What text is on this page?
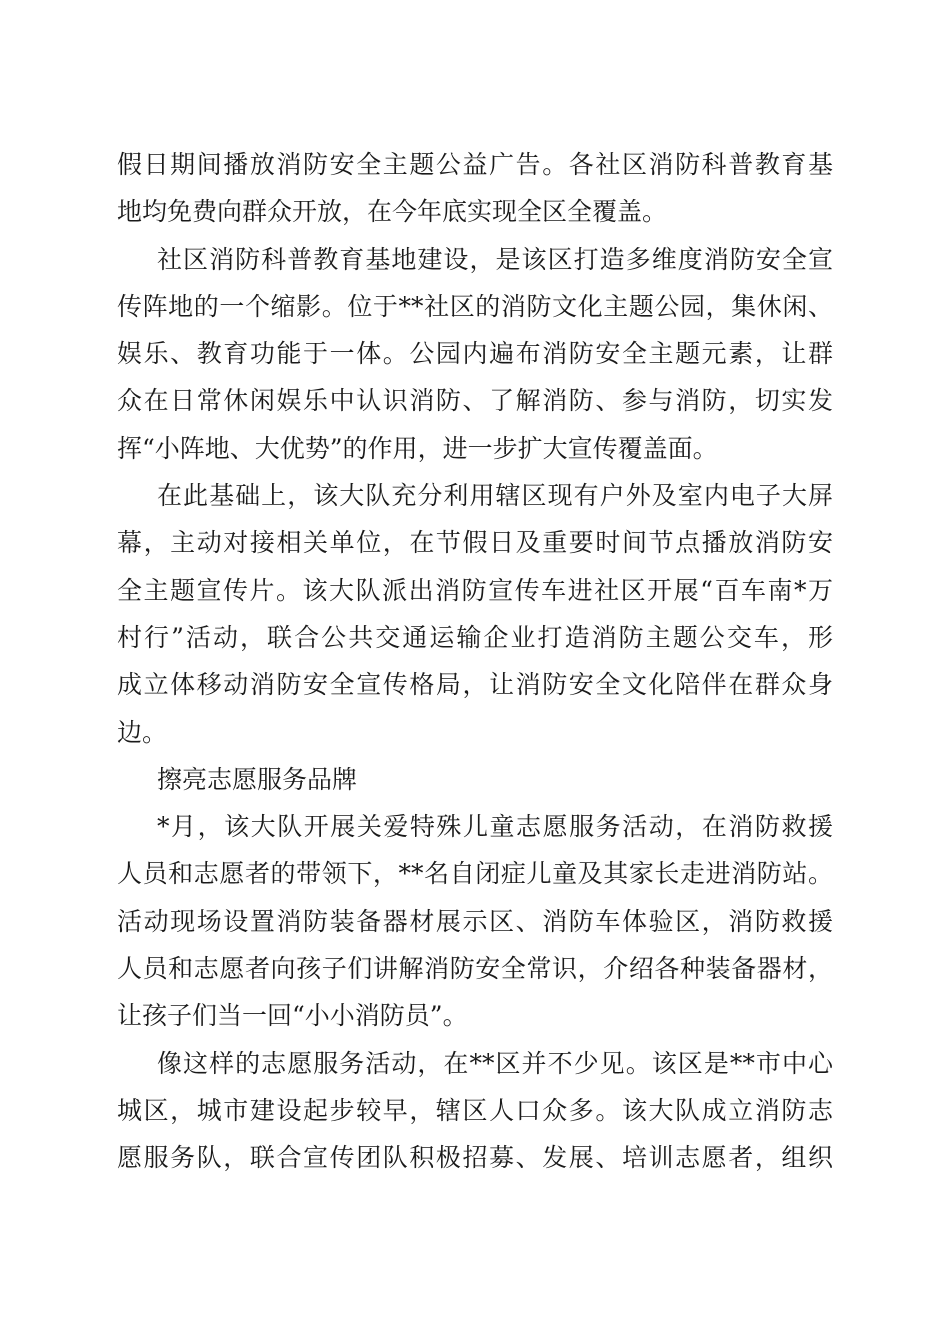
假日期间播放消防安全主题公益广告。各社区消防科普教育基
地均免费向群众开放，在今年底实现全区全覆盖。
社区消防科普教育基地建设，是该区打造多维度消防安全宣
传阵地的一个缩影。位于**社区的消防文化主题公园，集休闲、
娱乐、教育功能于一体。公园内遍布消防安全主题元素，让群
众在日常休闲娱乐中认识消防、了解消防、参与消防，切实发
挥“小阵地、大优势”的作用，进一步扩大宣传覆盖面。
在此基础上，该大队充分利用辖区现有户外及室内电子大屏
幕，主动对接相关单位，在节假日及重要时间节点播放消防安
全主题宣传片。该大队派出消防宣传车进社区开展“百车南*万
村行”活动，联合公共交通运输企业打造消防主题公交车，形
成立体移动消防安全宣传格局，让消防安全文化陪伴在群众身
边。
擦亮志愿服务品牌
*月，该大队开展关爱特殊儿童志愿服务活动，在消防救援
人员和志愿者的带领下，**名自闭症儿童及其家长走进消防站。
活动现场设置消防装备器材展示区、消防车体验区，消防救援
人员和志愿者向孩子们讲解消防安全常识，介绍各种装备器材，
让孩子们当一回“小小消防员”。
像这样的志愿服务活动，在**区并不少见。该区是**市中心
城区，城市建设起步较早，辖区人口众多。该大队成立消防志
愿服务队，联合宣传团队积极招募、发展、培训志愿者，组织
